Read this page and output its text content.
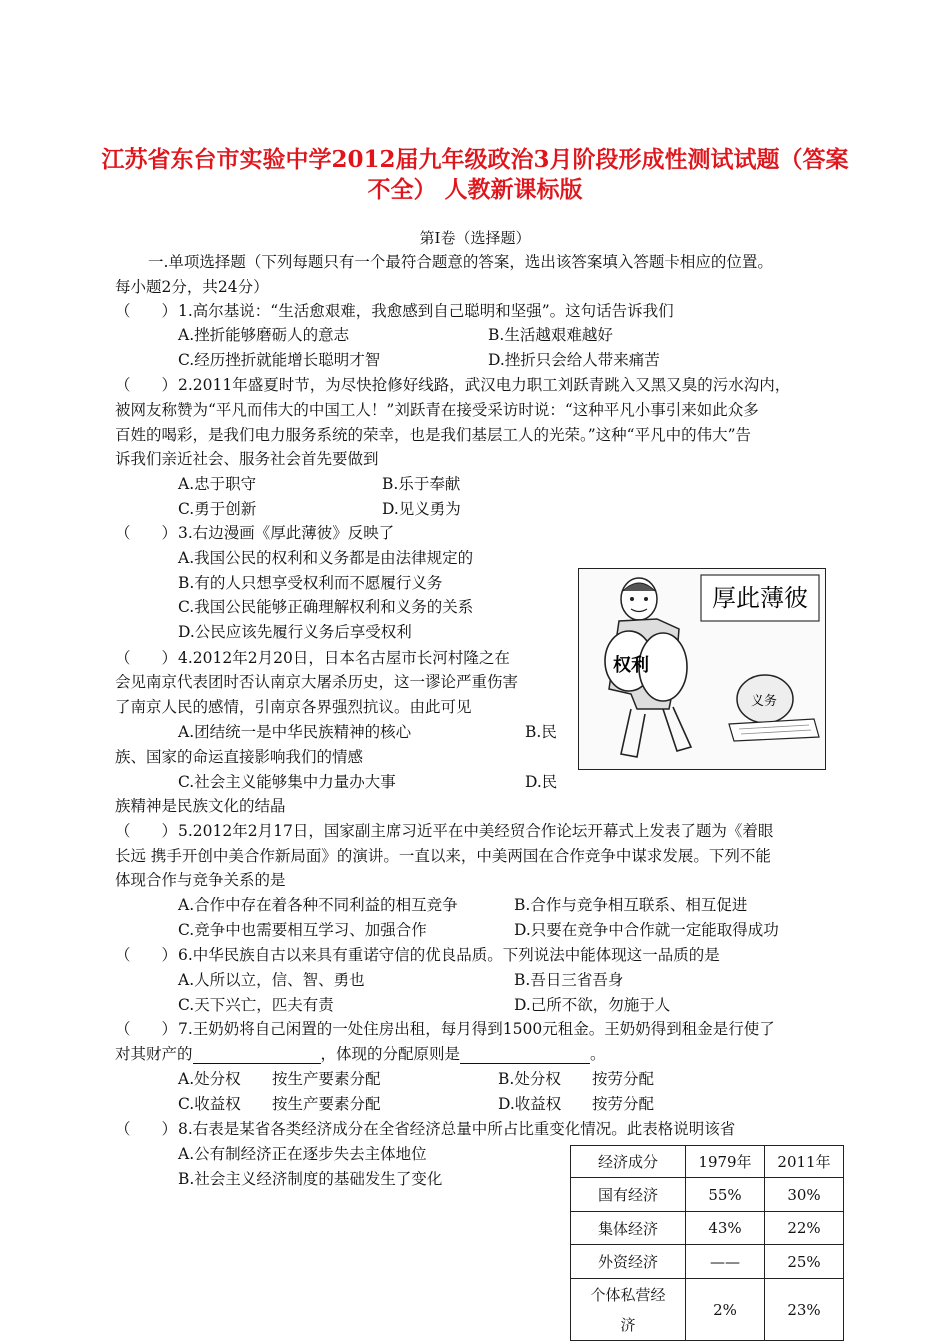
江苏省东台市实验中学2012届九年级政治3月阶段形成性测试试题（答案
不全） 人教新课标版
第Ⅰ卷（选择题）
一.单项选择题（下列每题只有一个最符合题意的答案，选出该答案填入答题卡相应的位置。
每小题2分，共24分）
（　　） 1.高尔基说：“生活愈艰难，我愈感到自己聪明和坚强”。这句话告诉我们
A.挫折能够磨砺人的意志	B.生活越艰难越好
C.经历挫折就能增长聪明才智	D.挫折只会给人带来痛苦
（　　） 2.2011年盛夏时节，为尽快抢修好线路，武汉电力职工刘跃青跳入又黑又臭的污水沟内，
被网友称赞为“平凡而伟大的中国工人！”刘跃青在接受采访时说：“这种平凡小事引来如此众多
百姓的喝彩，是我们电力服务系统的荣幸，也是我们基层工人的光荣。”这种“平凡中的伟大”告
诉我们亲近社会、服务社会首先要做到
A.忠于职守	B.乐于奉献
C.勇于创新	D.见义勇为
（　　） 3.右边漫画《厚此薄彼》反映了
A.我国公民的权利和义务都是由法律规定的
B.有的人只想享受权利而不愿履行义务
C.我国公民能够正确理解权利和义务的关系
D.公民应该先履行义务后享受权利
厚此薄彼
权利
义务
（　　） 4.2012年2月20日，日本名古屋市长河村隆之在
会见南京代表团时否认南京大屠杀历史，这一谬论严重伤害
了南京人民的感情，引南京各界强烈抗议。由此可见
A.团结统一是中华民族精神的核心	B.民
族、国家的命运直接影响我们的情感
C.社会主义能够集中力量办大事	D.民
族精神是民族文化的结晶
（　　） 5.2012年2月17日，国家副主席习近平在中美经贸合作论坛开幕式上发表了题为《着眼
长远 携手开创中美合作新局面》的演讲。一直以来，中美两国在合作竞争中谋求发展。下列不能
体现合作与竞争关系的是
A.合作中存在着各种不同利益的相互竞争	B.合作与竞争相互联系、相互促进
C.竞争中也需要相互学习、加强合作	D.只要在竞争中合作就一定能取得成功
（　　） 6.中华民族自古以来具有重诺守信的优良品质。下列说法中能体现这一品质的是
A.人所以立，信、智、勇也	B.吾日三省吾身
C.天下兴亡，匹夫有责	D.己所不欲，勿施于人
（　　） 7.王奶奶将自己闲置的一处住房出租，每月得到1500元租金。王奶奶得到租金是行使了
对其财产的	，体现的分配原则是	。
A.处分权 按生产要素分配	B.处分权 按劳分配
C.收益权 按生产要素分配	D.收益权 按劳分配
（　　） 8.右表是某省各类经济成分在全省经济总量中所占比重变化情况。此表格说明该省
A.公有制经济正在逐步失去主体地位
B.社会主义经济制度的基础发生了变化
经济成分	1979年	2011年
国有经济	55%	30%
集体经济	43%	22%
外资经济	——	25%
个体私营经济	2%	23%
